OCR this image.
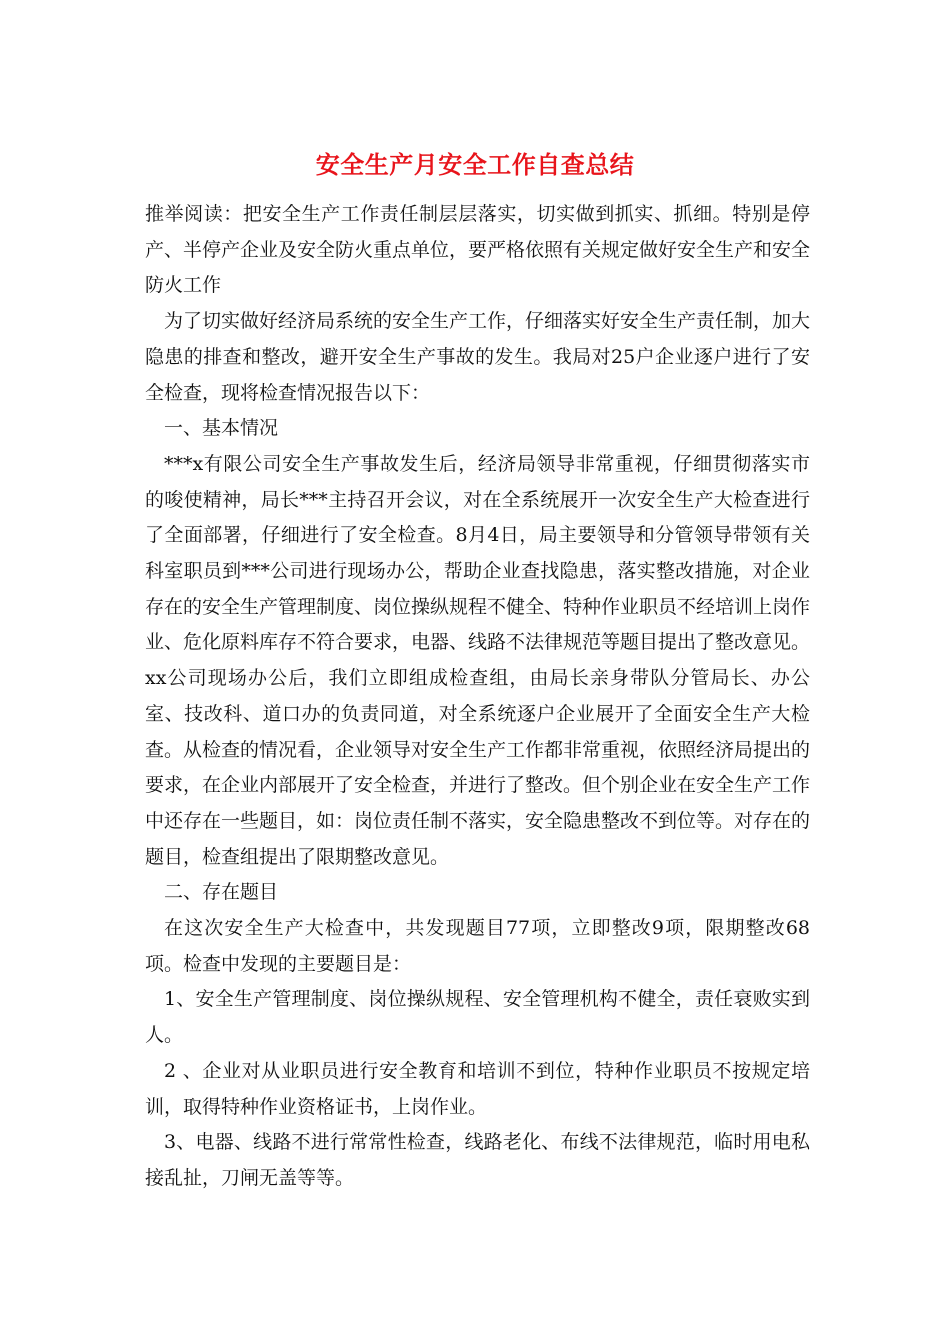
安全生产月安全工作自查总结

推举阅读：把安全生产工作责任制层层落实，切实做到抓实、抓细。特别是停产、半停产企业及安全防火重点单位，要严格依照有关规定做好安全生产和安全防火工作

为了切实做好经济局系统的安全生产工作，仔细落实好安全生产责任制，加大隐患的排查和整改，避开安全生产事故的发生。我局对25户企业逐户进行了安全检查，现将检查情况报告以下：

一、基本情况

***x有限公司安全生产事故发生后，经济局领导非常重视，仔细贯彻落实市的唆使精神，局长***主持召开会议，对在全系统展开一次安全生产大检查进行了全面部署，仔细进行了安全检查。8月4日，局主要领导和分管领导带领有关科室职员到***公司进行现场办公，帮助企业查找隐患，落实整改措施，对企业存在的安全生产管理制度、岗位操纵规程不健全、特种作业职员不经培训上岗作业、危化原料库存不符合要求，电器、线路不法律规范等题目提出了整改意见。xx公司现场办公后，我们立即组成检查组，由局长亲身带队分管局长、办公室、技改科、道口办的负责同道，对全系统逐户企业展开了全面安全生产大检查。从检查的情况看，企业领导对安全生产工作都非常重视，依照经济局提出的要求，在企业内部展开了安全检查，并进行了整改。但个别企业在安全生产工作中还存在一些题目，如：岗位责任制不落实，安全隐患整改不到位等。对存在的题目，检查组提出了限期整改意见。

二、存在题目

在这次安全生产大检查中，共发现题目77项，立即整改9项，限期整改68项。检查中发现的主要题目是：

1、安全生产管理制度、岗位操纵规程、安全管理机构不健全，责任衰败实到人。

2 、企业对从业职员进行安全教育和培训不到位，特种作业职员不按规定培训，取得特种作业资格证书，上岗作业。

3、电器、线路不进行常常性检查，线路老化、布线不法律规范，临时用电私接乱扯，刀闸无盖等等。
